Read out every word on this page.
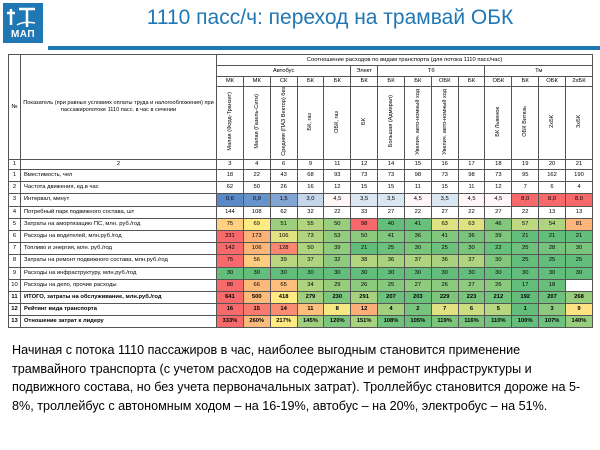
МАП
1110 пасс/ч: переход на трамвай ОБК
№	Показатель (при равных условиях оплаты труда и налогообложения) при пассажиропотоке 1110 пасс. в час в сечении	Соотношение расходов по видам транспорта (для потока 1110 пасс/час)													
		Автобус					Элект	Тб				Тм			
		МК	МК	СК	БК	БК	БК	БК	БК	ОБК	БК	ОБК	БК	ОБК	2хБК
		Малая (Форд-Транзит)	Малая (Газель-Сити)	Средняя (ПАЗ Вектор) без	БК, газ	ОБК, газ	БК	Большая (Адмирал)	Увелич. авто-номный ход	Увелич. авто-номный ход		БК Львенок	ОБК Витязь	2хБК	3хБК
1	2	3	4	6	9	11	12	14	15	16	17	18	19	20	21
1	Вместимость, чел	18	22	43	68	93	73	73	98	73	98	73	95	162	190
2	Частота движения, ед.в час	62	50	26	16	12	15	15	11	15	11	12	7	6	4
3	Интервал, минут	0,6	0,9	1,5	3,0	4,5	3,5	3,5	4,5	3,5	4,5	4,5	8,0	8,0	8,0
4	Потребный парк подвижного состава, шт	144	108	62	32	22	33	27	22	27	22	27	22	13	13
5	Затраты на амортизацию ПС, млн. руб./год	75	69	51	55	50	98	40	41	63	63	46	57	54	81
6	Расходы на водителей, млн.руб./год	231	173	106	73	53	50	41	36	41	36	39	21	21	21
7	Топливо и энергия, млн. руб./год	142	106	128	50	39	21	25	30	25	30	22	25	28	30
8	Затраты на ремонт подвижного состава, млн.руб./год	75	56	39	37	32	38	36	37	36	37	30	25	25	25
9	Расходы на инфраструктуру, млн.руб./год	30	30	30	30	30	30	30	30	30	30	30	30	30	30
10	Расходы на депо, прочие расходы	88	66	65	34	29	26	25	27	26	27	26	17	18	
11	ИТОГО, затраты на обслуживание, млн.руб./год	641	500	418	279	230	291	207	203	229	223	212	192	207	268
12	Рейтинг вида транспорта	16	15	14	11	8	12	4	2	7	6	5	1	3	9
13	Отношение затрат к лидеру	333%	260%	217%	145%	120%	151%	108%	105%	119%	116%	110%	100%	107%	140%
Начиная с потока 1110 пассажиров в час, наиболее выгодным становится применение трамвайного транспорта (с учетом расходов на содержание и ремонт инфраструктуры и подвижного состава, но без учета первоначальных затрат). Троллейбус становится дороже на 5-8%, троллейбус с автономным ходом – на 16-19%, автобус – на 20%, электробус – на 51%.
